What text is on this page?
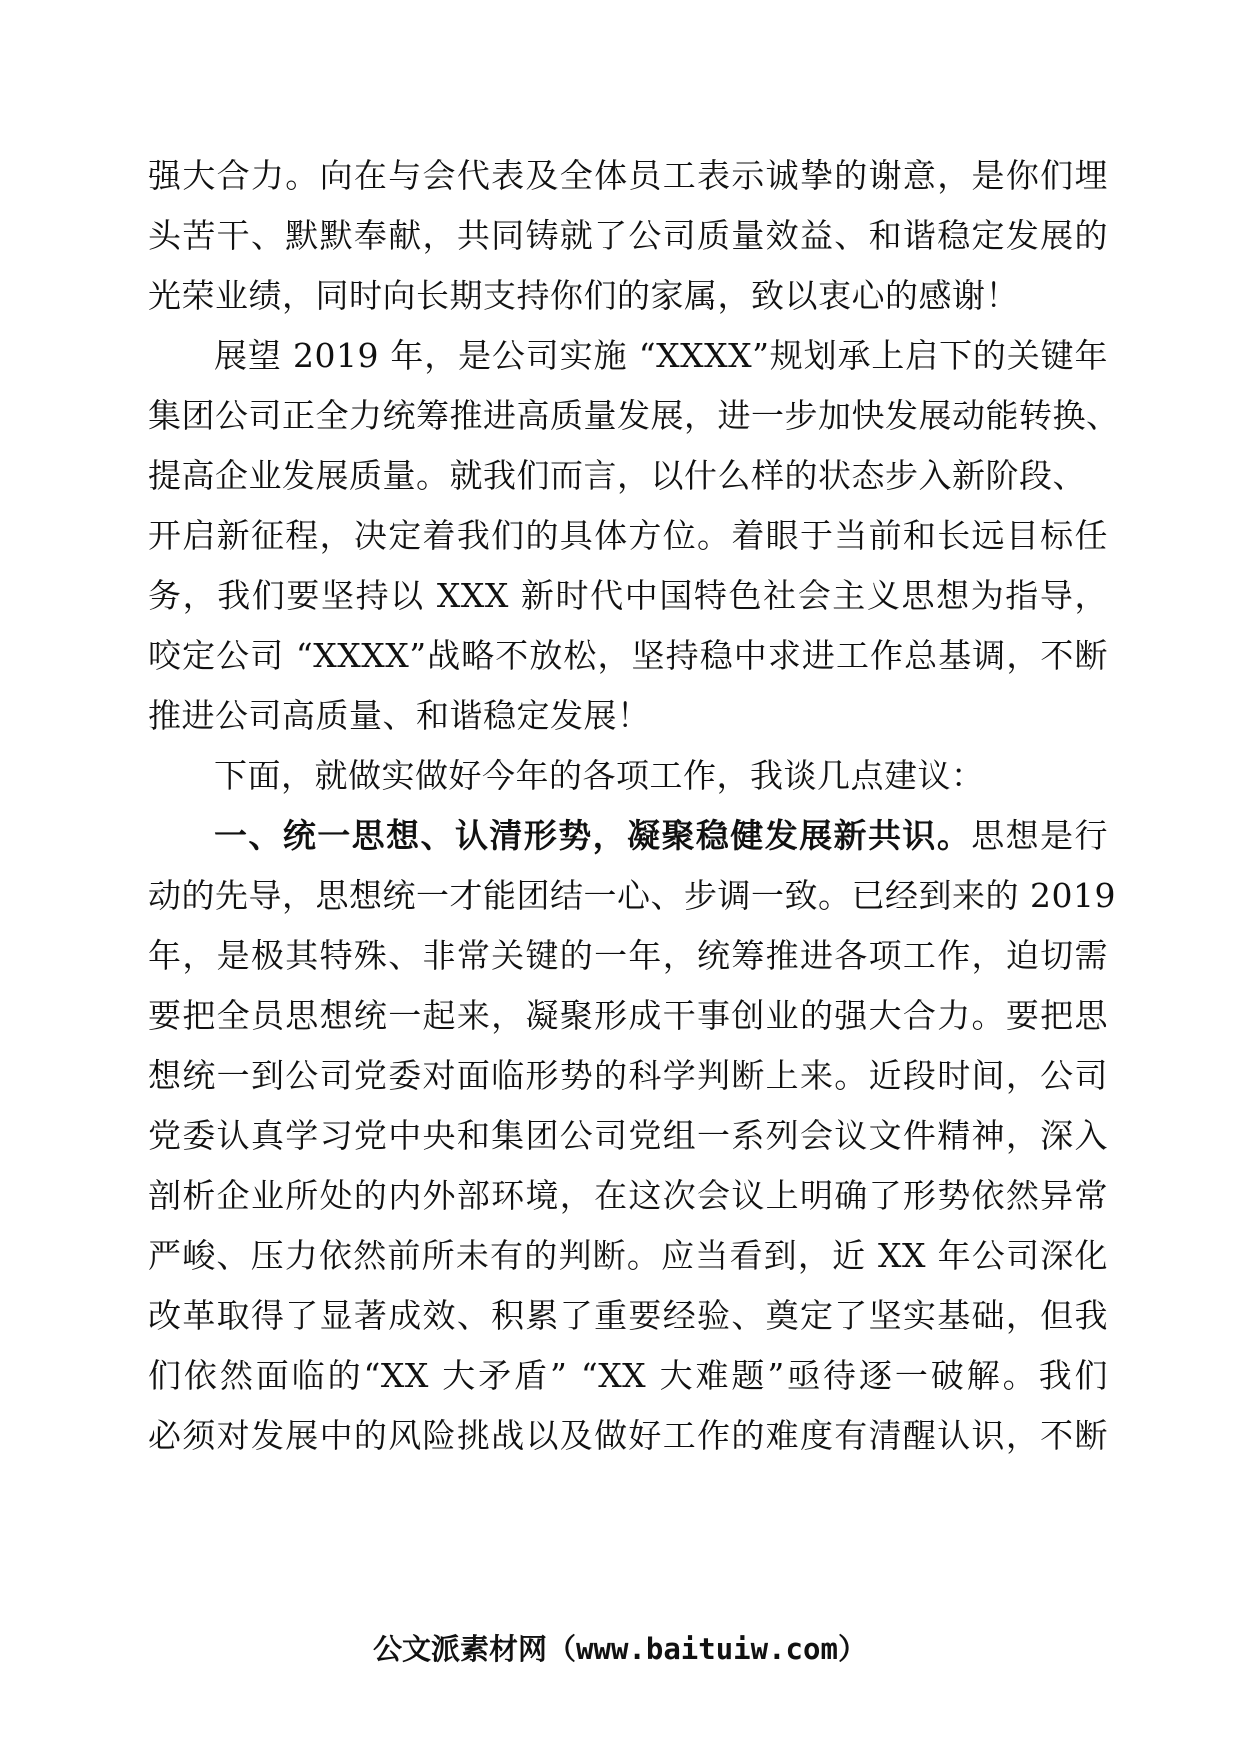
强大合力。向在与会代表及全体员工表示诚挚的谢意，是你们埋
头苦干、默默奉献，共同铸就了公司质量效益、和谐稳定发展的
光荣业绩，同时向长期支持你们的家属，致以衷心的感谢！
展望 2019 年，是公司实施 “XXXX”规划承上启下的关键年
集团公司正全力统筹推进高质量发展，进一步加快发展动能转换、
提高企业发展质量。就我们而言，以什么样的状态步入新阶段、
开启新征程，决定着我们的具体方位。着眼于当前和长远目标任
务，我们要坚持以 XXX 新时代中国特色社会主义思想为指导，
咬定公司 “XXXX”战略不放松，坚持稳中求进工作总基调，不断
推进公司高质量、和谐稳定发展！
下面，就做实做好今年的各项工作，我谈几点建议：
一、统一思想、认清形势，凝聚稳健发展新共识。思想是行
动的先导，思想统一才能团结一心、步调一致。已经到来的 2019
年，是极其特殊、非常关键的一年，统筹推进各项工作，迫切需
要把全员思想统一起来，凝聚形成干事创业的强大合力。要把思
想统一到公司党委对面临形势的科学判断上来。近段时间，公司
党委认真学习党中央和集团公司党组一系列会议文件精神，深入
剖析企业所处的内外部环境，在这次会议上明确了形势依然异常
严峻、压力依然前所未有的判断。应当看到，近 XX 年公司深化
改革取得了显著成效、积累了重要经验、奠定了坚实基础，但我
们依然面临的“XX 大矛盾” “XX 大难题”亟待逐一破解。我们
必须对发展中的风险挑战以及做好工作的难度有清醒认识，不断
公文派素材网（www.baituiw.com）
